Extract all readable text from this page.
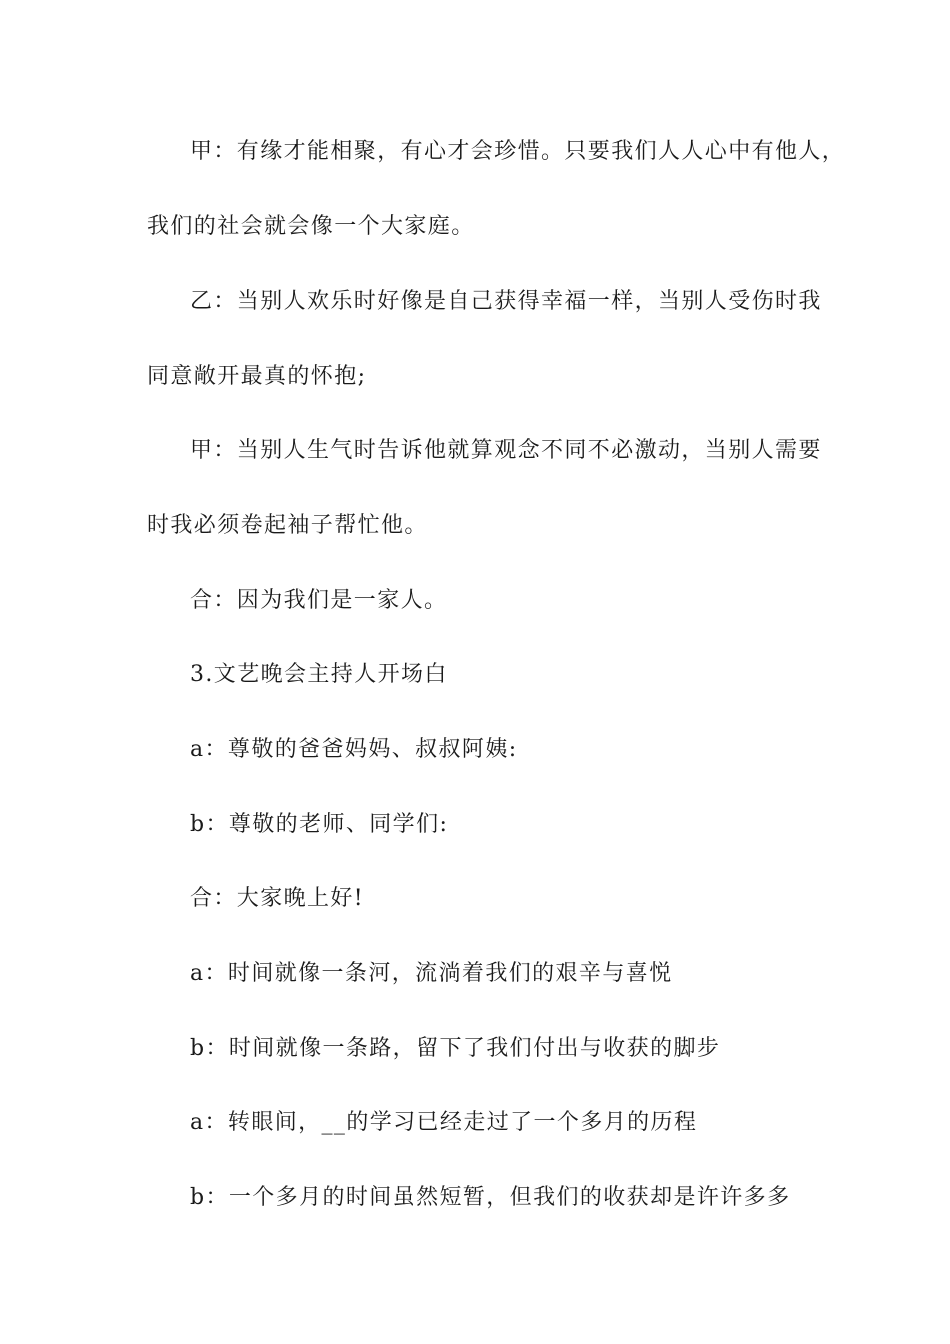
甲：有缘才能相聚，有心才会珍惜。只要我们人人心中有他人，
我们的社会就会像一个大家庭。
乙：当别人欢乐时好像是自己获得幸福一样，当别人受伤时我
同意敞开最真的怀抱;
甲：当别人生气时告诉他就算观念不同不必激动，当别人需要
时我必须卷起袖子帮忙他。
合：因为我们是一家人。
3.文艺晚会主持人开场白
a：尊敬的爸爸妈妈、叔叔阿姨:
b：尊敬的老师、同学们:
合：大家晚上好!
a：时间就像一条河，流淌着我们的艰辛与喜悦
b：时间就像一条路，留下了我们付出与收获的脚步
a：转眼间，__的学习已经走过了一个多月的历程
b：一个多月的时间虽然短暂，但我们的收获却是许许多多
